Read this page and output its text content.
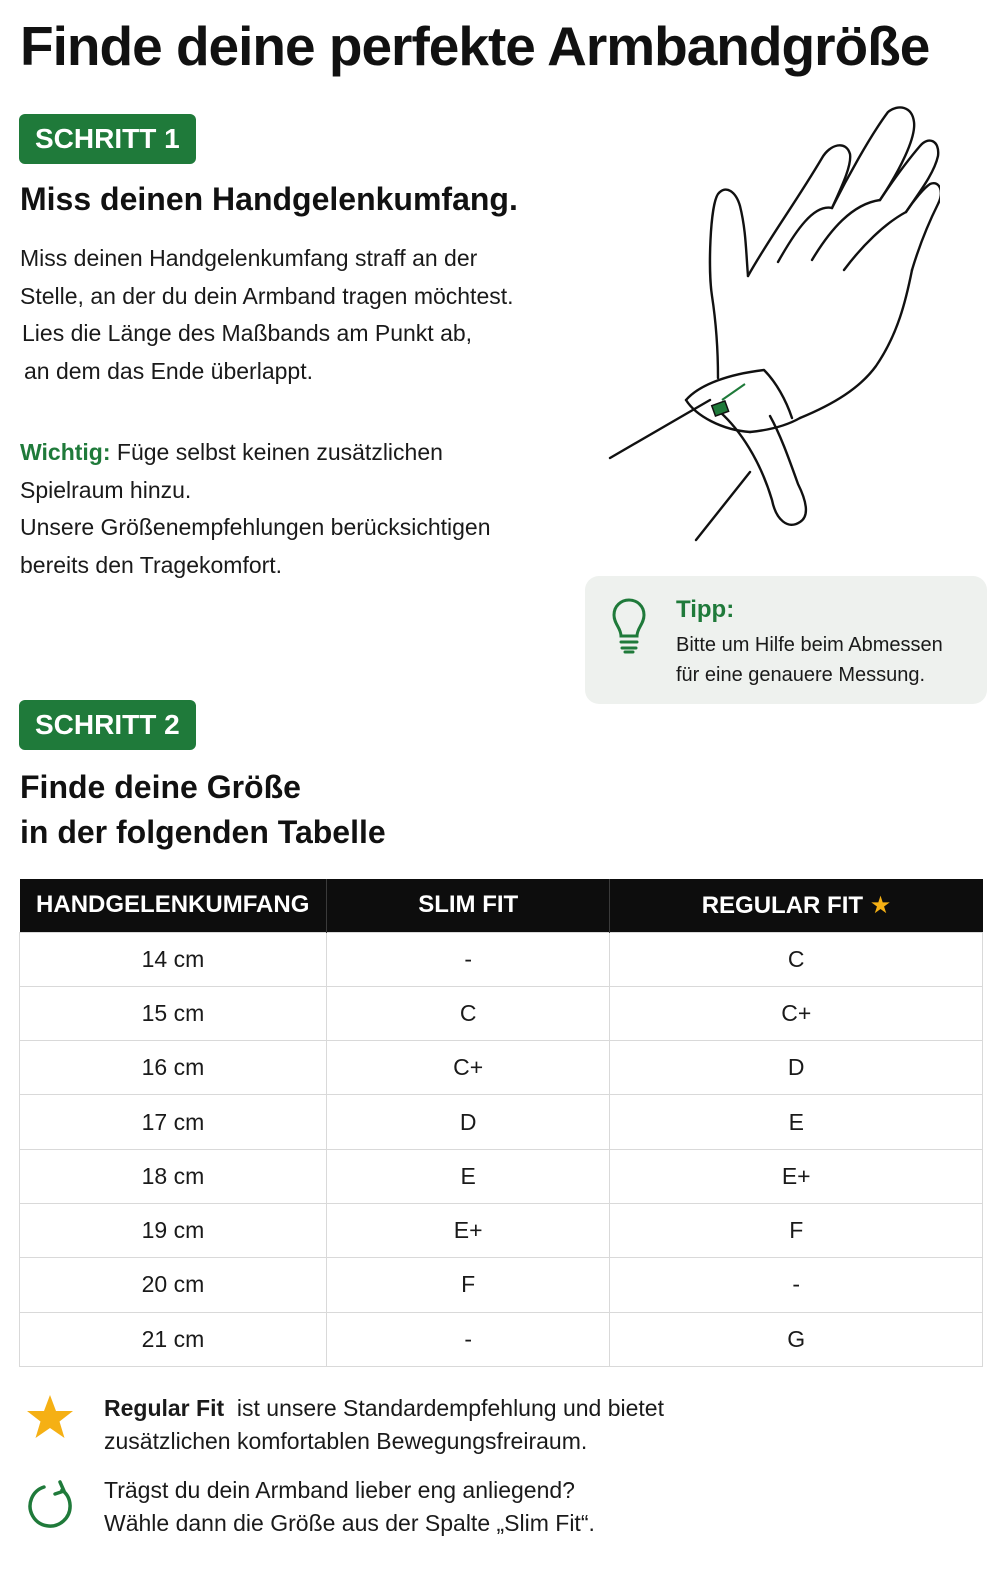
Finde deine perfekte Armbandgröße
SCHRITT 1
Miss deinen Handgelenkumfang.
Miss deinen Handgelenkumfang straff an der
Stelle, an der du dein Armband tragen möchtest.
Lies die Länge des Maßbands am Punkt ab,
an dem das Ende überlappt.
Wichtig: Füge selbst keinen zusätzlichen
Spielraum hinzu.
Unsere Größenempfehlungen berücksichtigen
bereits den Tragekomfort.
Tipp:
Bitte um Hilfe beim Abmessen
für eine genauere Messung.
SCHRITT 2
Finde deine Größe
in der folgenden Tabelle
HANDGELENKUMFANG	SLIM FIT	REGULAR FIT ★
14 cm	-	C
15 cm	C	C+
16 cm	C+	D
17 cm	D	E
18 cm	E	E+
19 cm	E+	F
20 cm	F	-
21 cm	-	G
Regular Fit ist unsere Standardempfehlung und bietet
zusätzlichen komfortablen Bewegungsfreiraum.
Trägst du dein Armband lieber eng anliegend?
Wähle dann die Größe aus der Spalte „Slim Fit“.
